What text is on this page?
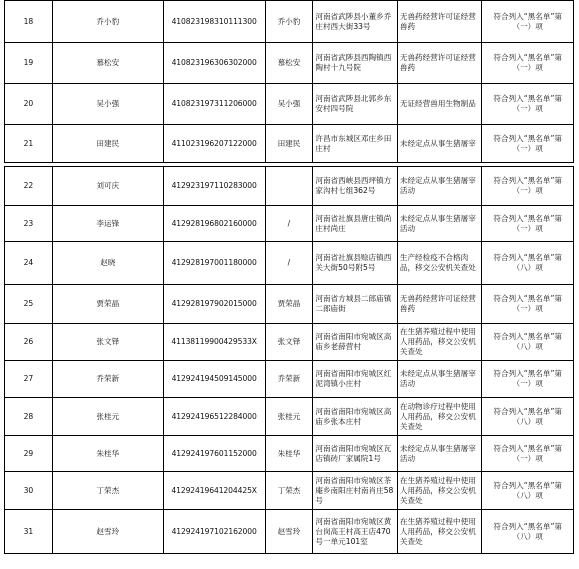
18	乔小豹	410823198310111300	乔小豹	河南省武陟县小董乡乔庄村西大街33号	无兽药经营许可证经营兽药	符合列入“黑名单”第（一）项
19	慕松安	410823196306302000	慕松安	河南省武陟县西陶镇西陶村十九号院	无兽药经营许可证经营兽药	符合列入“黑名单”第（一）项
20	吴小强	410823197311206000	吴小强	河南省武陟县北郭乡东安村四号院	无证经营兽用生物制品	符合列入“黑名单”第（一）项
21	田建民	411023196207122000	田建民	许昌市东城区邓庄乡田庄村	未经定点从事生猪屠宰	符合列入“黑名单”第（一）项
22	刘可庆	412923197110283000		河南省西峡县西坪镇方家沟村七组362号	未经定点从事生猪屠宰活动	符合列入“黑名单”第（一）项
23	李运锋	412928196802160000	/	河南省社旗县唐庄镇尚庄村尚庄	未经定点从事生猪屠宰活动	符合列入“黑名单”第（一）项
24	赵晓	412928197001180000	/	河南省社旗县赊店镇西关大街50号附5号	生产经检疫不合格肉品，移交公安机关查处	符合列入“黑名单”第（八）项
25	贾荣晶	412928197902015000	贾荣晶	河南省方城县二郎庙镇二郎庙街	无兽药经营许可证经营兽药	符合列入“黑名单”第（一）项
26	张文铎	41138119900429533X	张文铎	河南省南阳市宛城区高庙乡老薛营村	在生猪养殖过程中使用人用药品，移交公安机关查处	符合列入“黑名单”第（八）项
27	乔荣新	412924194509145000	乔荣新	河南省南阳市宛城区红泥湾镇小庄村	未经定点从事生猪屠宰活动	符合列入“黑名单”第（一）项
28	张桂元	412924196512284000	张桂元	河南省南阳市宛城区高庙乡张本庄村	在动物诊疗过程中使用人用药品，移交公安机关查处	符合列入“黑名单”第（八）项
29	朱桂华	412924197601152000	朱桂华	河南省南阳市宛城区瓦店镇砖厂家属院1号	未经定点从事生猪屠宰活动	符合列入“黑名单”第（一）项
30	丁荣杰	41292419641204425X	丁荣杰	河南省南阳市宛城区茶庵乡南阳庄村南肖庄58号	在生猪养殖过程中使用人用药品，移交公安机关查处	符合列入“黑名单”第（八）项
31	赵雪玲	412924197102162000	赵雪玲	河南省南阳市宛城区黄台岗高王村高王店470号一单元101室	在生猪养殖过程中使用人用药品，移交公安机关查处	符合列入“黑名单”第（八）项
